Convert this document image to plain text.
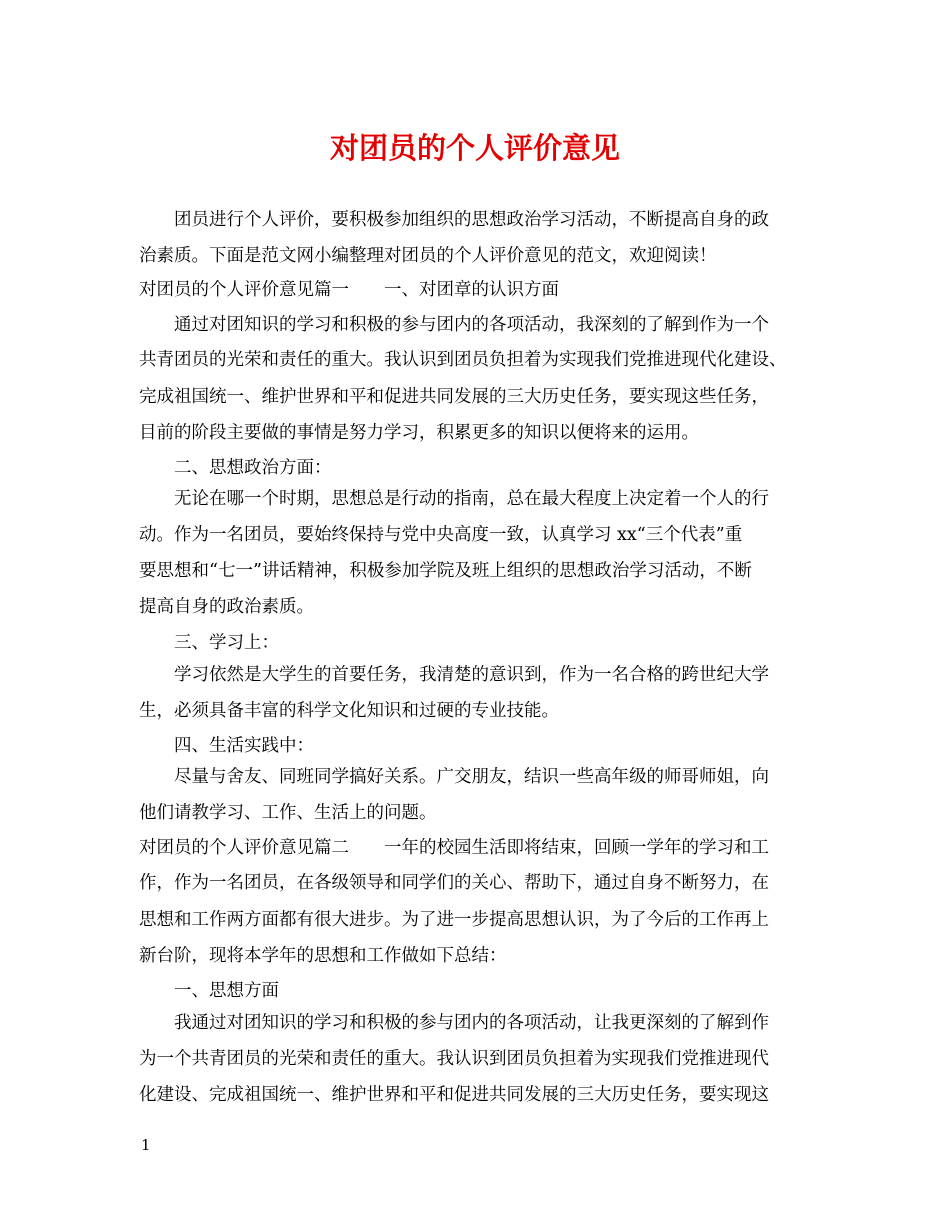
对团员的个人评价意见
　　团员进行个人评价，要积极参加组织的思想政治学习活动，不断提高自身的政
治素质。下面是范文网小编整理对团员的个人评价意见的范文，欢迎阅读！
对团员的个人评价意见篇一　　一、对团章的认识方面
　　通过对团知识的学习和积极的参与团内的各项活动，我深刻的了解到作为一个
共青团员的光荣和责任的重大。我认识到团员负担着为实现我们党推进现代化建设、
完成祖国统一、维护世界和平和促进共同发展的三大历史任务，要实现这些任务，
目前的阶段主要做的事情是努力学习，积累更多的知识以便将来的运用。
　　二、思想政治方面：
　　无论在哪一个时期，思想总是行动的指南，总在最大程度上决定着一个人的行
动。作为一名团员，要始终保持与党中央高度一致，认真学习 xx“三个代表”重
要思想和“七一”讲话精神，积极参加学院及班上组织的思想政治学习活动，不断
提高自身的政治素质。
　　三、学习上：
　　学习依然是大学生的首要任务，我清楚的意识到，作为一名合格的跨世纪大学
生，必须具备丰富的科学文化知识和过硬的专业技能。
　　四、生活实践中：
　　尽量与舍友、同班同学搞好关系。广交朋友，结识一些高年级的师哥师姐，向
他们请教学习、工作、生活上的问题。
对团员的个人评价意见篇二　　一年的校园生活即将结束，回顾一学年的学习和工
作，作为一名团员，在各级领导和同学们的关心、帮助下，通过自身不断努力，在
思想和工作两方面都有很大进步。为了进一步提高思想认识，为了今后的工作再上
新台阶，现将本学年的思想和工作做如下总结：
　　一、思想方面
　　我通过对团知识的学习和积极的参与团内的各项活动，让我更深刻的了解到作
为一个共青团员的光荣和责任的重大。我认识到团员负担着为实现我们党推进现代
化建设、完成祖国统一、维护世界和平和促进共同发展的三大历史任务，要实现这
1
